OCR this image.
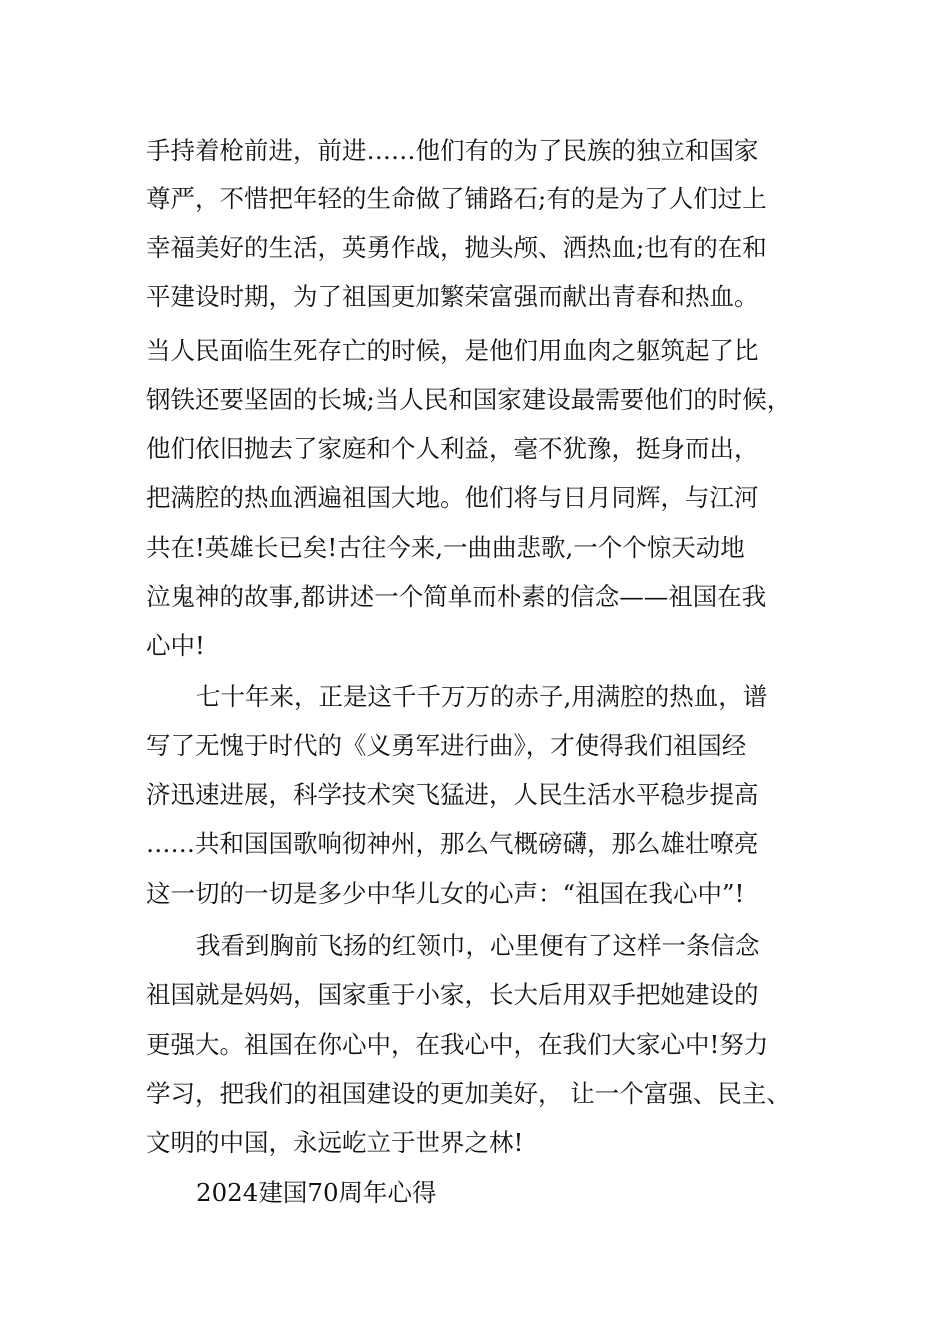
手持着枪前进，前进……他们有的为了民族的独立和国家
尊严，不惜把年轻的生命做了铺路石;有的是为了人们过上
幸福美好的生活，英勇作战，抛头颅、洒热血;也有的在和
平建设时期，为了祖国更加繁荣富强而献出青春和热血。
当人民面临生死存亡的时候，是他们用血肉之躯筑起了比
钢铁还要坚固的长城;当人民和国家建设最需要他们的时候，
他们依旧抛去了家庭和个人利益，毫不犹豫，挺身而出，
把满腔的热血洒遍祖国大地。他们将与日月同辉，与江河
共在!英雄长已矣!古往今来,一曲曲悲歌,一个个惊天动地
泣鬼神的故事,都讲述一个简单而朴素的信念——祖国在我
心中!
七十年来，正是这千千万万的赤子,用满腔的热血，谱
写了无愧于时代的《义勇军进行曲》，才使得我们祖国经
济迅速进展，科学技术突飞猛进，人民生活水平稳步提高
……共和国国歌响彻神州，那么气概磅礴，那么雄壮嘹亮
这一切的一切是多少中华儿女的心声：“祖国在我心中”!
我看到胸前飞扬的红领巾，心里便有了这样一条信念
祖国就是妈妈，国家重于小家，长大后用双手把她建设的
更强大。祖国在你心中，在我心中，在我们大家心中!努力
学习，把我们的祖国建设的更加美好， 让一个富强、民主、
文明的中国，永远屹立于世界之林!
2024建国70周年心得
